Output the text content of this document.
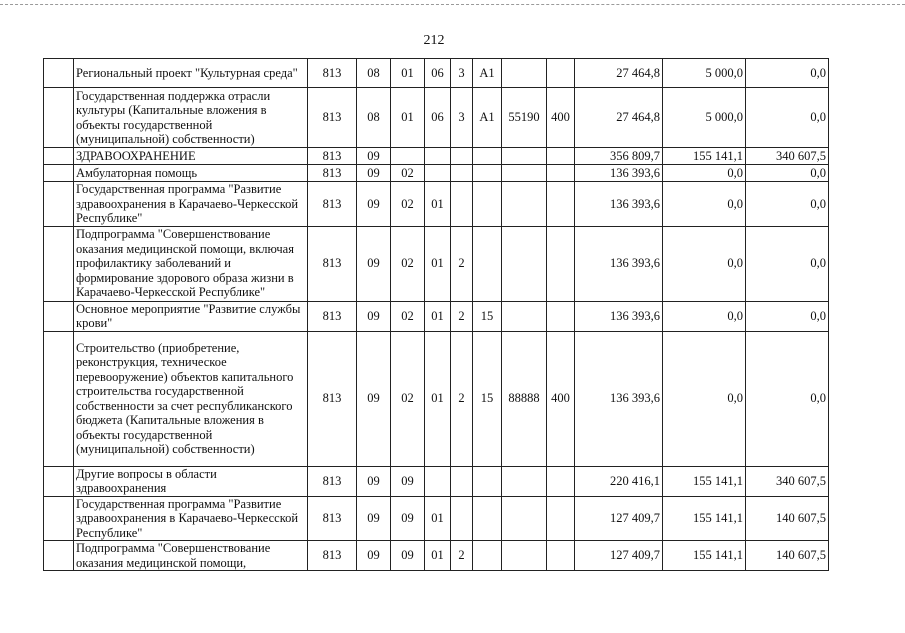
212
	Региональный проект "Культурная среда"	813	08	01	06	3	A1			27 464,8	5 000,0	0,0
	Государственная поддержка отрасли культуры (Капитальные вложения в объекты государственной (муниципальной) собственности)	813	08	01	06	3	A1	55190	400	27 464,8	5 000,0	0,0
	ЗДРАВООХРАНЕНИЕ	813	09							356 809,7	155 141,1	340 607,5
	Амбулаторная помощь	813	09	02						136 393,6	0,0	0,0
	Государственная программа "Развитие здравоохранения в Карачаево-Черкесской Республике"	813	09	02	01					136 393,6	0,0	0,0
	Подпрограмма "Совершенствование оказания медицинской помощи, включая профилактику заболеваний и формирование здорового образа жизни в Карачаево-Черкесской Республике"	813	09	02	01	2				136 393,6	0,0	0,0
	Основное мероприятие "Развитие службы крови"	813	09	02	01	2	15			136 393,6	0,0	0,0
	Строительство (приобретение, реконструкция, техническое перевооружение) объектов капитального строительства государственной собственности за счет республиканского бюджета (Капитальные вложения в объекты государственной (муниципальной) собственности)	813	09	02	01	2	15	88888	400	136 393,6	0,0	0,0
	Другие вопросы в области здравоохранения	813	09	09						220 416,1	155 141,1	340 607,5
	Государственная программа "Развитие здравоохранения в Карачаево-Черкесской Республике"	813	09	09	01					127 409,7	155 141,1	140 607,5
	Подпрограмма "Совершенствование оказания медицинской помощи,	813	09	09	01	2				127 409,7	155 141,1	140 607,5
